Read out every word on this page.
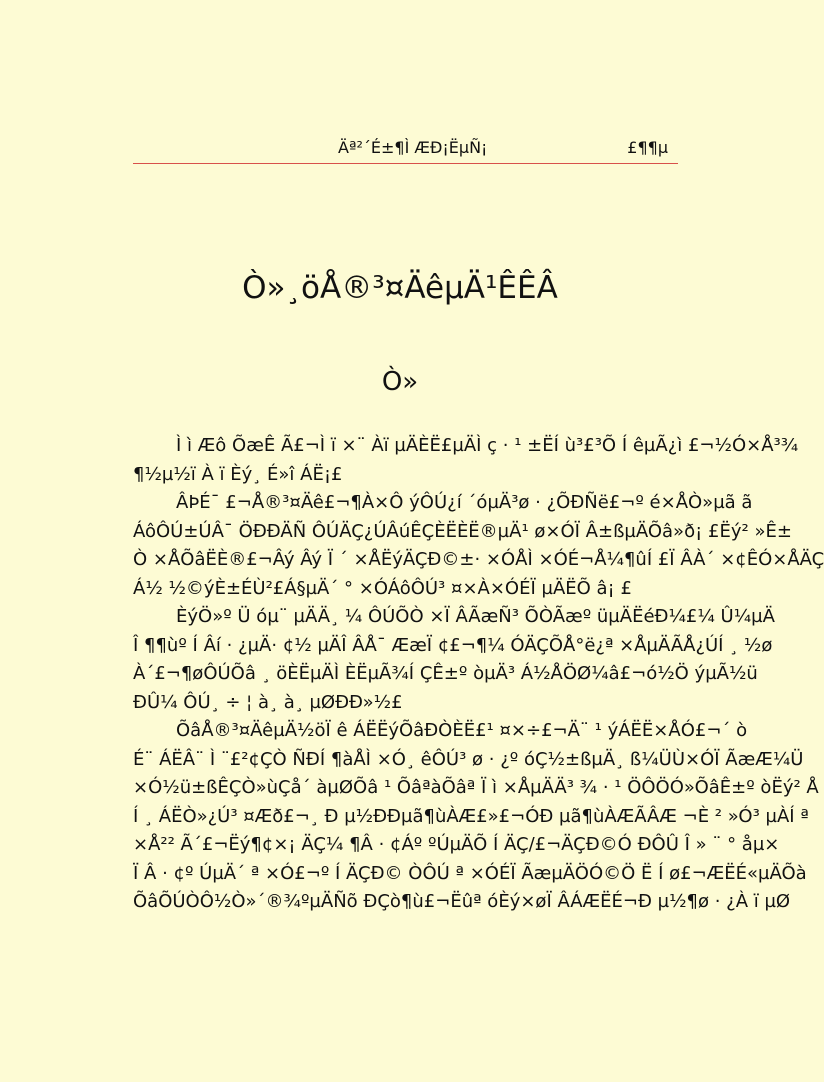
Äª²´É±¶Ì ÆÐ¡ËµÑ¡	£¶¶µ
Ò»¸öÅ®³¤ÄêµÄ¹ÊÊÂ
Ò»
Ì ì Æô ÕæÊ Ã£¬Ì ï ×¨ Àï µÄÈË£µÄÌ ç · ¹ ±ËÍ ù³£³Õ Í êµÃ¿ì £¬½Ó×Å³¾
¶½µ½ï À ï Èý¸ É»î ÁË¡£
ÂÞÉ¯ £¬Å®³¤Äê£¬¶À×Ô ýÔÚ¿í ´óµÄ³ø · ¿ÕÐÑë£¬º é×ÅÒ»µã ã
ÁôÔÚ±ÚÂ¯ ÖÐÐÄÑ ÔÚÄÇ¿ÚÂúÊÇÈËÈË®µÄ¹ ø×ÓÏ Â±ßµÄÕâ»ð¡ £Ëý² »Ê±
Ò ×ÅÕâËÈ®£¬Âý Âý Ï ´ ×ÅËýÄÇÐ©±· ×ÓÅÌ ×ÓÉ¬Å¼¶ûÍ £Ï ÂÀ´ ×¢ÊÓ×ÅÄÇ
Á½ ½©ýÈ±ÉÙ²£Á§µÄ´ ° ×ÓÁôÔÚ³ ¤×À×ÓÉÏ µÄËÕ â¡ £
ÈýÖ»º Ü óµ¨ µÄÄ¸ ¼ ÔÚÕÒ ×Ï ÂÃæÑ³ ÕÒÃæº üµÄËéÐ¼£¼ Û¼µÄ
Î ¶¶ùº Í Âí · ¿µÄ· ¢½ µÄÎ ÂÅ¯ ÆæÏ ¢£¬¶¼ ÓÄÇÕÅ°ë¿ª ×ÅµÄÃÅ¿ÚÍ ¸ ½ø
À´£¬¶øÔÚÕâ ¸ öÈËµÄÌ ÈËµÃ¾Í ÇÊ±º òµÄ³ Á½ÅÖØ¼â£¬ó½Ö ýµÃ½ü
ÐÛ¼ ÔÚ¸ ÷ ¦ à¸ à¸ µØÐÐ»½£
ÕâÅ®³¤ÄêµÄ½öÏ ê ÁËËýÕâÐÒÈË£¹ ¤×÷£¬Ä¨ ¹ ýÁËË×ÅÓ£¬´ ò
É¨ ÁËÂ¨ Ì ¨£²¢ÇÒ ÑÐÍ ¶àÅÌ ×Ó¸ êÔÚ³ ø · ¿º óÇ½±ßµÄ¸ ß¼ÜÙ×ÓÏ ÃæÆ¼Ü
×Ó½ü±ßÊÇÒ»ùÇå´ àµØÕâ ¹ ÕâªàÕâª Ï ì ×ÅµÄÄ³ ¾ · ¹ ÖÔÖÓ»ÕâÊ±º òËý² Å
Í ¸ ÁËÒ»¿Ú³ ¤Æð£¬¸ Ð µ½ÐÐµã¶ùÀÆ£»£¬ÓÐ µã¶ùÀÆÃÂÆ ¬È ² »Ó³ µÀÍ ª
×Å²² Ã´£¬Ëý¶¢×¡ ÄÇ¼ ¶Â · ¢Áº ºÚµÄÕ Í ÄÇ/£¬ÄÇÐ©Ó ÐÔÛ Î » ¨ ° åµ×
Ï Â · ¢º ÚµÄ´ ª ×Ó£¬º Í ÄÇÐ© ÒÔÚ ª ×ÓÉÏ ÃæµÄÖÓ©Ö Ë Í ø£¬ÆËÉ«µÄÕà
ÕâÕÚÒÔ½Ò»´®¾ºµÄÑõ ÐÇò¶ù£¬Ëûª óÈý×øÏ ÂÁÆËÉ¬Ð µ½¶ø · ¿À ï µØ
